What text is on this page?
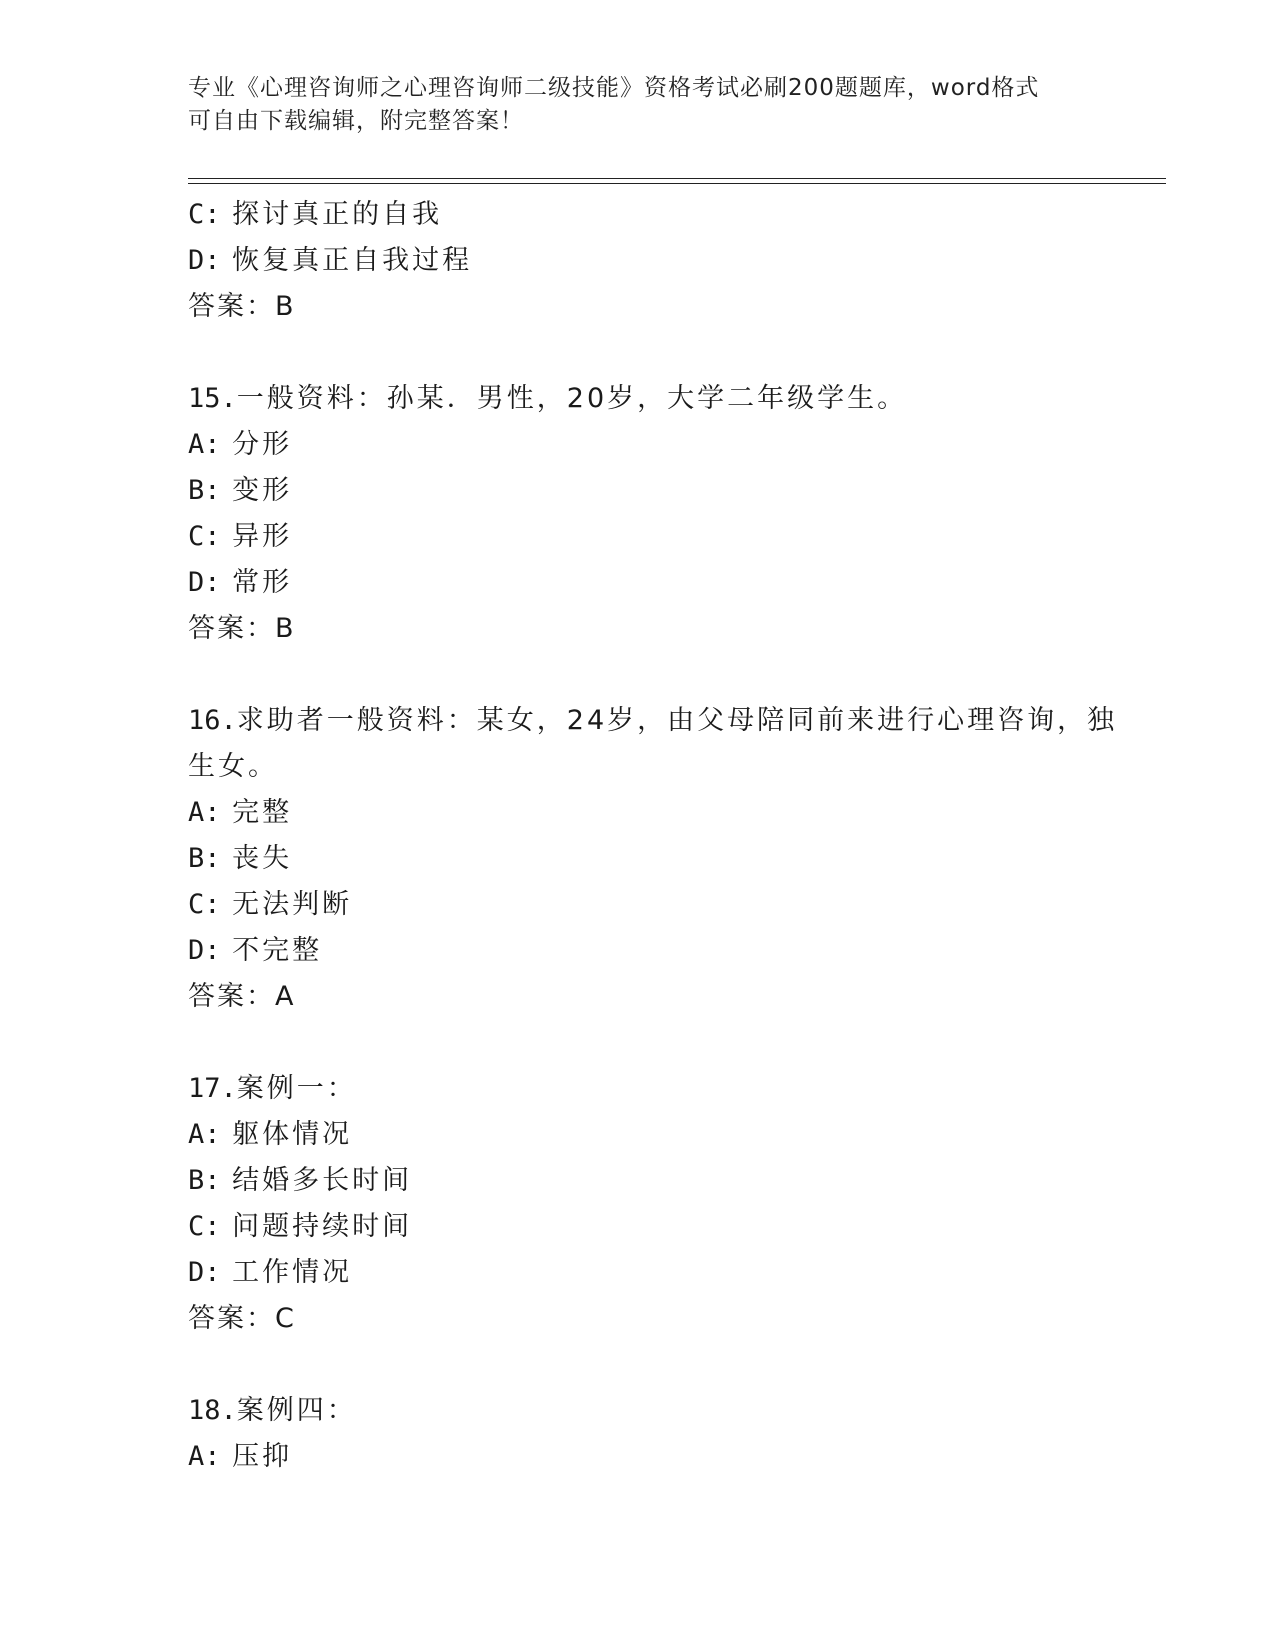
专业《心理咨询师之心理咨询师二级技能》资格考试必刷200题题库，word格式
可自由下载编辑，附完整答案！
C: 探讨真正的自我
D: 恢复真正自我过程
答案：B
15.一般资料：孙某．男性，20岁，大学二年级学生。
A: 分形
B: 变形
C: 异形
D: 常形
答案：B
16.求助者一般资料：某女，24岁，由父母陪同前来进行心理咨询，独
生女。
A: 完整
B: 丧失
C: 无法判断
D: 不完整
答案：A
17.案例一：
A: 躯体情况
B: 结婚多长时间
C: 问题持续时间
D: 工作情况
答案：C
18.案例四：
A: 压抑
